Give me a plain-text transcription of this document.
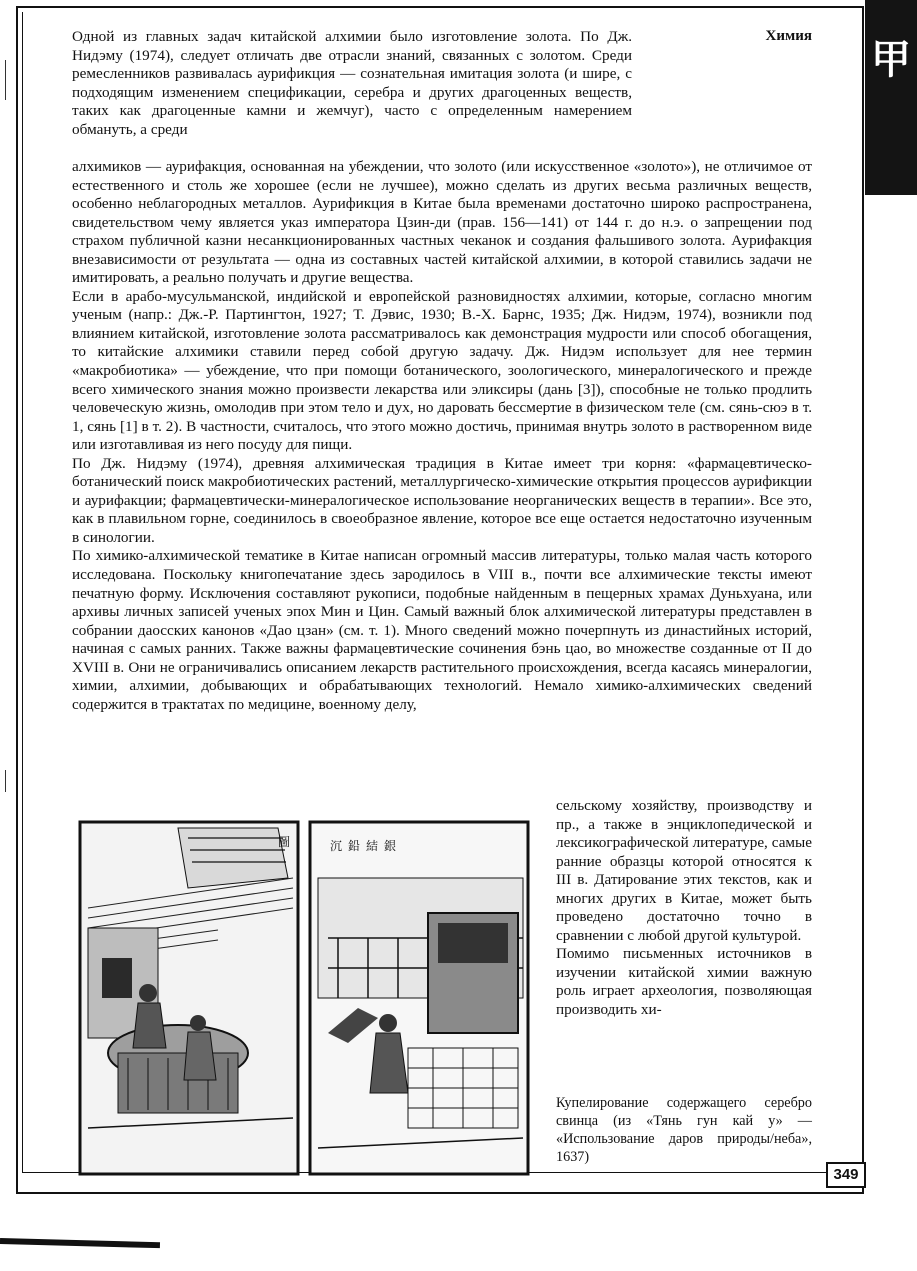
甲
Химия

Одной из главных задач китайской алхимии было изготовление золота. По Дж. Нидэму (1974), следует отличать две отрасли знаний, связанных с золотом. Среди ремесленников развивалась аурификция — сознательная имитация золота (и шире, с подходящим изменением спецификации, серебра и других драгоценных веществ, таких как драгоценные камни и жемчуг), часто с определенным намерением обмануть, а среди

алхимиков — аурифакция, основанная на убеждении, что золото (или искусственное «золото»), не отличимое от естественного и столь же хорошее (если не лучшее), можно сделать из других весьма различных веществ, особенно неблагородных металлов. Аурификция в Китае была временами достаточно широко распространена, свидетельством чему является указ императора Цзин-ди (прав. 156—141) от 144 г. до н.э. о запрещении под страхом публичной казни несанкционированных частных чеканок и создания фальшивого золота. Аурифакция внезависимости от результата — одна из составных частей китайской алхимии, в которой ставились задачи не имитировать, а реально получать и другие вещества.

Если в арабо-мусульманской, индийской и европейской разновидностях алхимии, которые, согласно многим ученым (напр.: Дж.-Р. Партингтон, 1927; Т. Дэвис, 1930; В.-Х. Барнс, 1935; Дж. Нидэм, 1974), возникли под влиянием китайской, изготовление золота рассматривалось как демонстрация мудрости или способ обогащения, то китайские алхимики ставили перед собой другую задачу. Дж. Нидэм использует для нее термин «макробиотика» — убеждение, что при помощи ботанического, зоологического, минералогического и прежде всего химического знания можно произвести лекарства или эликсиры (дань [3]), способные не только продлить человеческую жизнь, омолодив при этом тело и дух, но даровать бессмертие в физическом теле (см. сянь-сюэ в т. 1, сянь [1] в т. 2). В частности, считалось, что этого можно достичь, принимая внутрь золото в растворенном виде или изготавливая из него посуду для пищи.

По Дж. Нидэму (1974), древняя алхимическая традиция в Китае имеет три корня: «фармацевтическо-ботанический поиск макробиотических растений, металлургическо-химические открытия процессов аурификции и аурифакции; фармацевтически-минералогическое использование неорганических веществ в терапии». Все это, как в плавильном горне, соединилось в своеобразное явление, которое все еще остается недостаточно изученным в синологии.

По химико-алхимической тематике в Китае написан огромный массив литературы, только малая часть которого исследована. Поскольку книгопечатание здесь зародилось в VIII в., почти все алхимические тексты имеют печатную форму. Исключения составляют рукописи, подобные найденным в пещерных храмах Дуньхуана, или архивы личных записей ученых эпох Мин и Цин. Самый важный блок алхимической литературы представлен в собрании даосских канонов «Дао цзан» (см. т. 1). Много сведений можно почерпнуть из династийных историй, начиная с самых ранних. Также важны фармацевтические сочинения бэнь цао, во множестве созданные от II до XVIII в. Они не ограничивались описанием лекарств растительного происхождения, всегда касаясь минералогии, химии, алхимии, добывающих и обрабатывающих технологий. Немало химико-алхимических сведений содержится в трактатах по медицине, военному делу,

сельскому хозяйству, производству и пр., а также в энциклопедической и лексикографической литературе, самые ранние образцы которой относятся к III в. Датирование этих текстов, как и многих других в Китае, может быть проведено достаточно точно в сравнении с любой другой культурой.

Помимо письменных источников в изучении китайской химии важную роль играет археология, позволяющая производить хи-

圖	沉鉛結銀
Купелирование содержащего серебро свинца (из «Тянь гун кай у» — «Использование даров природы/неба», 1637)
349
